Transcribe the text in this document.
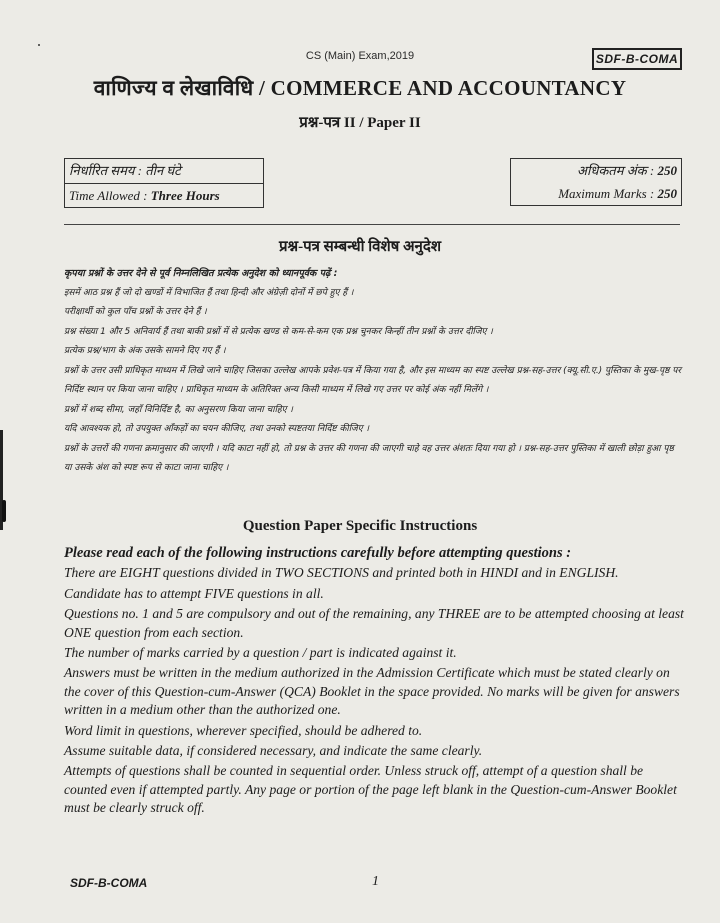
CS (Main) Exam,2019	SDF-B-COMA
वाणिज्य व लेखाविधि / COMMERCE AND ACCOUNTANCY
प्रश्न-पत्र II / Paper II
निर्धारित समय : तीन घंटे
Time Allowed : Three Hours
अधिकतम अंक : 250
Maximum Marks : 250
प्रश्न-पत्र सम्बन्धी विशेष अनुदेश

कृपया प्रश्नों के उत्तर देने से पूर्व निम्नलिखित प्रत्येक अनुदेश को ध्यानपूर्वक पढ़ें :

इसमें आठ प्रश्न हैं जो दो खण्डों में विभाजित हैं तथा हिन्दी और अंग्रेज़ी दोनों में छपे हुए हैं ।

परीक्षार्थी को कुल पाँच प्रश्नों के उत्तर देने हैं ।

प्रश्न संख्या 1 और 5 अनिवार्य हैं तथा बाकी प्रश्नों में से प्रत्येक खण्ड से कम-से-कम एक प्रश्न चुनकर किन्हीं तीन प्रश्नों के उत्तर दीजिए ।

प्रत्येक प्रश्न/भाग के अंक उसके सामने दिए गए हैं ।

प्रश्नों के उत्तर उसी प्राधिकृत माध्यम में लिखे जाने चाहिए जिसका उल्लेख आपके प्रवेश-पत्र में किया गया है, और इस माध्यम का स्पष्ट उल्लेख प्रश्न-सह-उत्तर (क्यू.सी.ए.) पुस्तिका के मुख-पृष्ठ पर निर्दिष्ट स्थान पर किया जाना चाहिए । प्राधिकृत माध्यम के अतिरिक्त अन्य किसी माध्यम में लिखे गए उत्तर पर कोई अंक नहीं मिलेंगे ।

प्रश्नों में शब्द सीमा, जहाँ विनिर्दिष्ट है, का अनुसरण किया जाना चाहिए ।

यदि आवश्यक हो, तो उपयुक्त आँकड़ों का चयन कीजिए, तथा उनको स्पष्टतया निर्दिष्ट कीजिए ।

प्रश्नों के उत्तरों की गणना क्रमानुसार की जाएगी । यदि काटा नहीं हो, तो प्रश्न के उत्तर की गणना की जाएगी चाहे वह उत्तर अंशतः दिया गया हो । प्रश्न-सह-उत्तर पुस्तिका में खाली छोड़ा हुआ पृष्ठ या उसके अंश को स्पष्ट रूप से काटा जाना चाहिए ।

Question Paper Specific Instructions

Please read each of the following instructions carefully before attempting questions :

There are EIGHT questions divided in TWO SECTIONS and printed both in HINDI and in ENGLISH.

Candidate has to attempt FIVE questions in all.

Questions no. 1 and 5 are compulsory and out of the remaining, any THREE are to be attempted choosing at least ONE question from each section.

The number of marks carried by a question / part is indicated against it.

Answers must be written in the medium authorized in the Admission Certificate which must be stated clearly on the cover of this Question-cum-Answer (QCA) Booklet in the space provided. No marks will be given for answers written in a medium other than the authorized one.

Word limit in questions, wherever specified, should be adhered to.

Assume suitable data, if considered necessary, and indicate the same clearly.

Attempts of questions shall be counted in sequential order. Unless struck off, attempt of a question shall be counted even if attempted partly. Any page or portion of the page left blank in the Question-cum-Answer Booklet must be clearly struck off.

SDF-B-COMA	1
